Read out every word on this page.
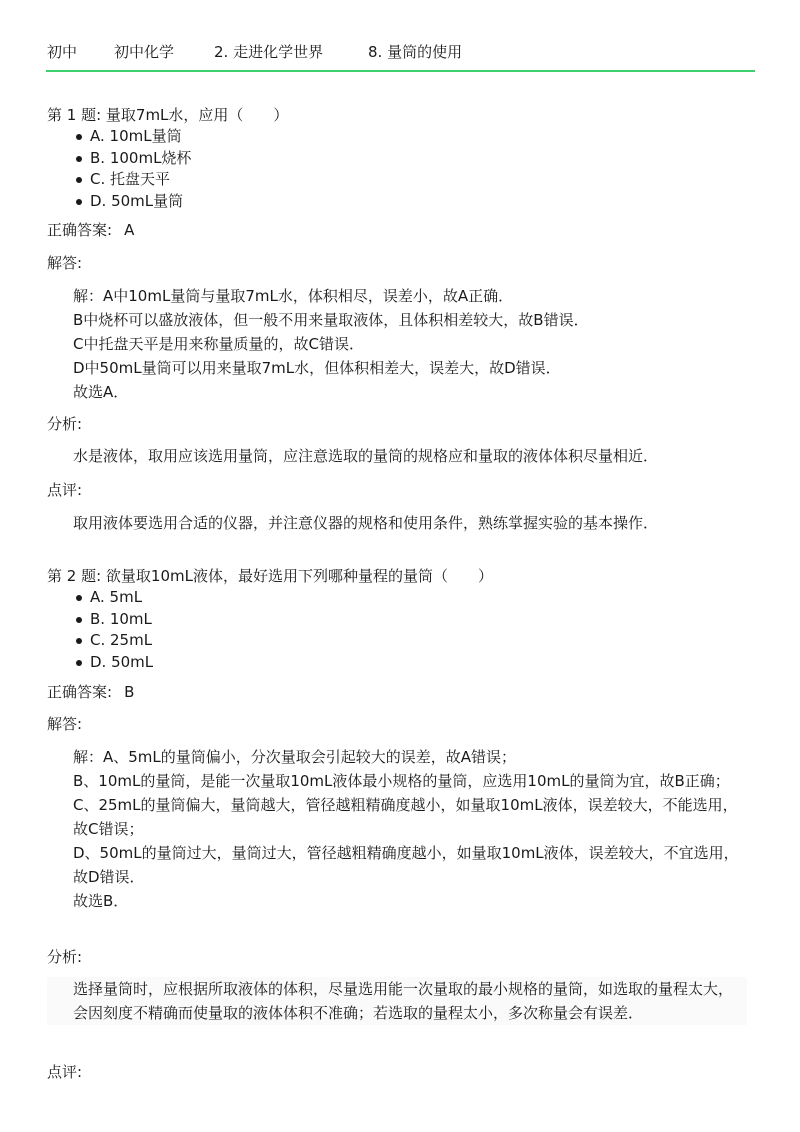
初中	初中化学	2. 走进化学世界	8. 量筒的使用
第 1 题: 量取7mL水，应用（　　）
A. 10mL量筒
B. 100mL烧杯
C. 托盘天平
D. 50mL量筒
正确答案: A
解答:

解：A中10mL量筒与量取7mL水，体积相尽，误差小，故A正确．

B中烧杯可以盛放液体，但一般不用来量取液体，且体积相差较大，故B错误．

C中托盘天平是用来称量质量的，故C错误．

D中50mL量筒可以用来量取7mL水，但体积相差大，误差大，故D错误．

故选A．

分析:

水是液体，取用应该选用量筒，应注意选取的量筒的规格应和量取的液体体积尽量相近．

点评:

取用液体要选用合适的仪器，并注意仪器的规格和使用条件，熟练掌握实验的基本操作．

第 2 题: 欲量取10mL液体，最好选用下列哪种量程的量筒（　　）
A. 5mL
B. 10mL
C. 25mL
D. 50mL
正确答案: B
解答:

解：A、5mL的量筒偏小，分次量取会引起较大的误差，故A错误；

B、10mL的量筒，是能一次量取10mL液体最小规格的量筒，应选用10mL的量筒为宜，故B正确；

C、25mL的量筒偏大，量筒越大，管径越粗精确度越小，如量取10mL液体，误差较大，不能选用，故C错误；

D、50mL的量筒过大，量筒过大，管径越粗精确度越小，如量取10mL液体，误差较大，不宜选用，故D错误．

故选B．

分析:

选择量筒时，应根据所取液体的体积，尽量选用能一次量取的最小规格的量筒，如选取的量程太大，会因刻度不精确而使量取的液体体积不准确；若选取的量程太小，多次称量会有误差．

点评:
